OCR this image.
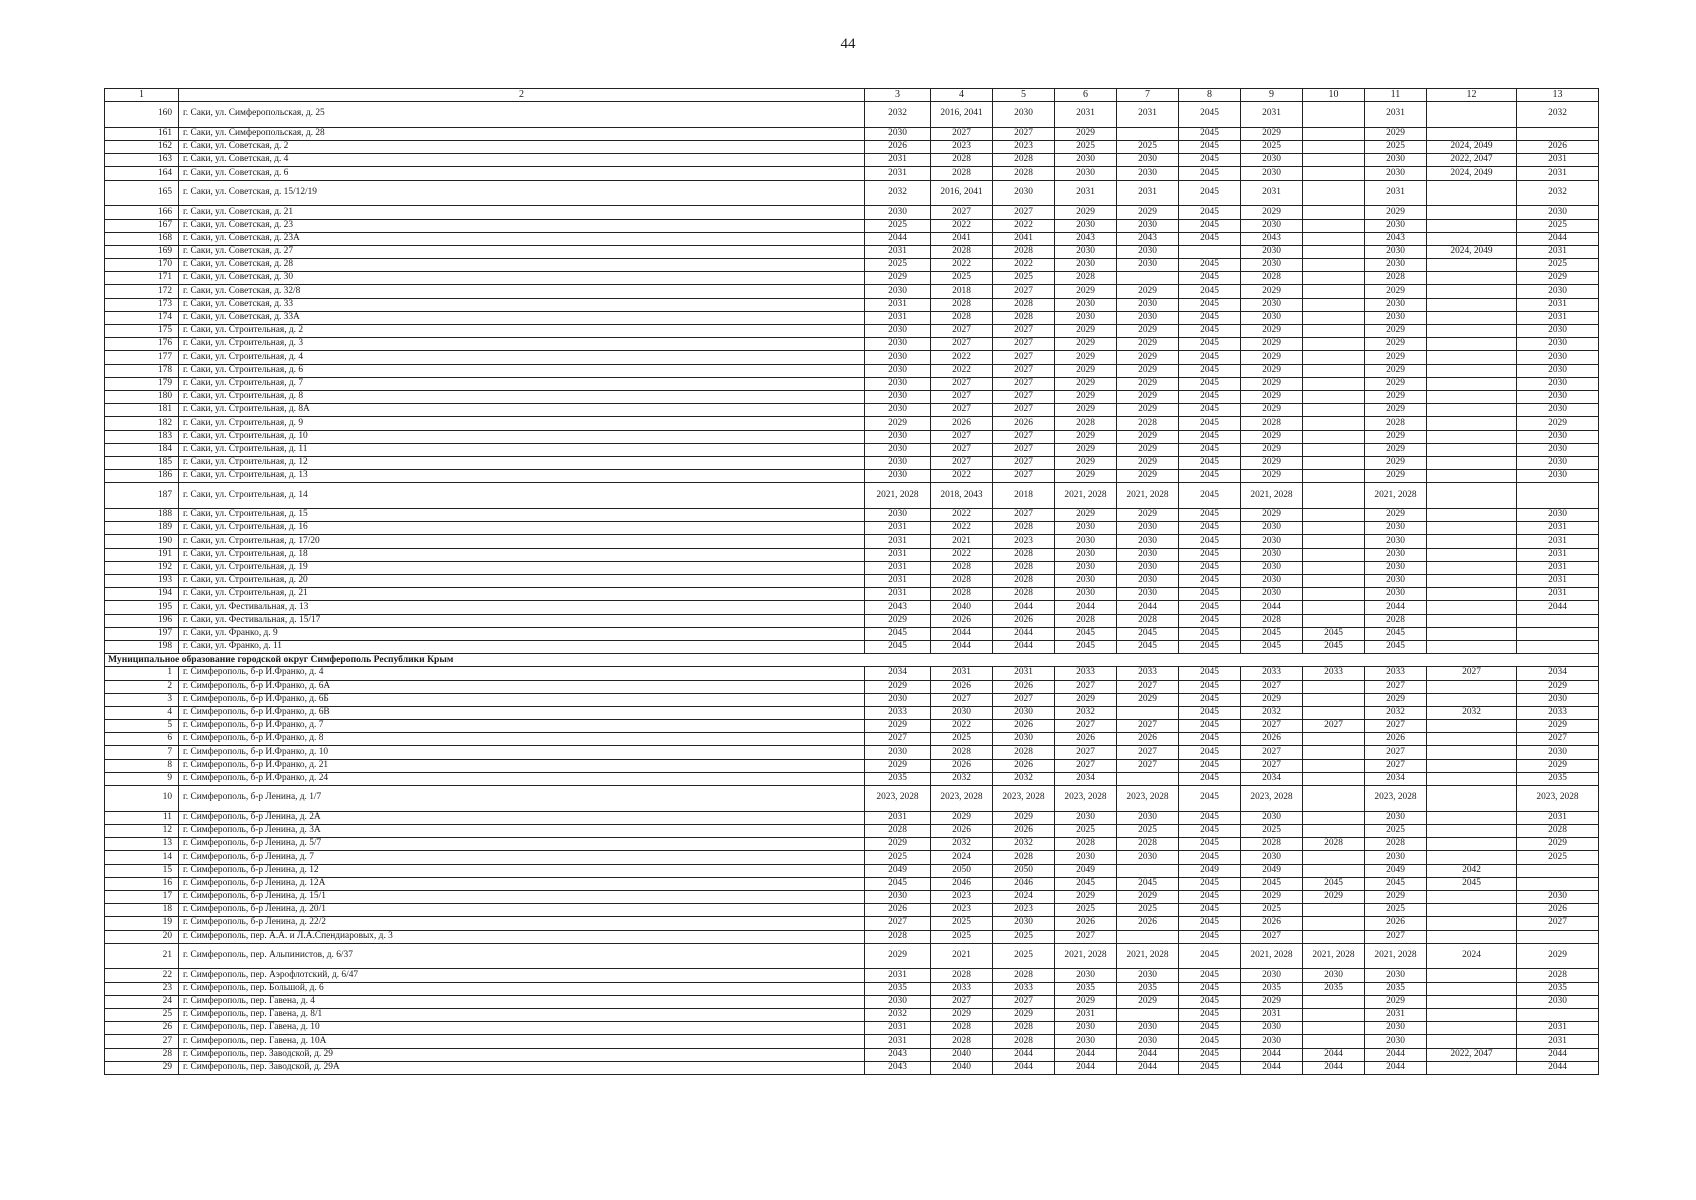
44
1	2	3	4	5	6	7	8	9	10	11	12	13
160	г. Саки, ул. Симферопольская, д. 25	2032	2016, 2041	2030	2031	2031	2045	2031		2031		2032
161	г. Саки, ул. Симферопольская, д. 28	2030	2027	2027	2029		2045	2029		2029		
162	г. Саки, ул. Советская, д. 2	2026	2023	2023	2025	2025	2045	2025		2025	2024, 2049	2026
163	г. Саки, ул. Советская, д. 4	2031	2028	2028	2030	2030	2045	2030		2030	2022, 2047	2031
164	г. Саки, ул. Советская, д. 6	2031	2028	2028	2030	2030	2045	2030		2030	2024, 2049	2031
165	г. Саки, ул. Советская, д. 15/12/19	2032	2016, 2041	2030	2031	2031	2045	2031		2031		2032
166	г. Саки, ул. Советская, д. 21	2030	2027	2027	2029	2029	2045	2029		2029		2030
167	г. Саки, ул. Советская, д. 23	2025	2022	2022	2030	2030	2045	2030		2030		2025
168	г. Саки, ул. Советская, д. 23А	2044	2041	2041	2043	2043	2045	2043		2043		2044
169	г. Саки, ул. Советская, д. 27	2031	2028	2028	2030	2030		2030		2030	2024, 2049	2031
170	г. Саки, ул. Советская, д. 28	2025	2022	2022	2030	2030	2045	2030		2030		2025
171	г. Саки, ул. Советская, д. 30	2029	2025	2025	2028		2045	2028		2028		2029
172	г. Саки, ул. Советская, д. 32/8	2030	2018	2027	2029	2029	2045	2029		2029		2030
173	г. Саки, ул. Советская, д. 33	2031	2028	2028	2030	2030	2045	2030		2030		2031
174	г. Саки, ул. Советская, д. 33А	2031	2028	2028	2030	2030	2045	2030		2030		2031
175	г. Саки, ул. Строительная, д. 2	2030	2027	2027	2029	2029	2045	2029		2029		2030
176	г. Саки, ул. Строительная, д. 3	2030	2027	2027	2029	2029	2045	2029		2029		2030
177	г. Саки, ул. Строительная, д. 4	2030	2022	2027	2029	2029	2045	2029		2029		2030
178	г. Саки, ул. Строительная, д. 6	2030	2022	2027	2029	2029	2045	2029		2029		2030
179	г. Саки, ул. Строительная, д. 7	2030	2027	2027	2029	2029	2045	2029		2029		2030
180	г. Саки, ул. Строительная, д. 8	2030	2027	2027	2029	2029	2045	2029		2029		2030
181	г. Саки, ул. Строительная, д. 8А	2030	2027	2027	2029	2029	2045	2029		2029		2030
182	г. Саки, ул. Строительная, д. 9	2029	2026	2026	2028	2028	2045	2028		2028		2029
183	г. Саки, ул. Строительная, д. 10	2030	2027	2027	2029	2029	2045	2029		2029		2030
184	г. Саки, ул. Строительная, д. 11	2030	2027	2027	2029	2029	2045	2029		2029		2030
185	г. Саки, ул. Строительная, д. 12	2030	2027	2027	2029	2029	2045	2029		2029		2030
186	г. Саки, ул. Строительная, д. 13	2030	2022	2027	2029	2029	2045	2029		2029		2030
187	г. Саки, ул. Строительная, д. 14	2021, 2028	2018, 2043	2018	2021, 2028	2021, 2028	2045	2021, 2028		2021, 2028		
188	г. Саки, ул. Строительная, д. 15	2030	2022	2027	2029	2029	2045	2029		2029		2030
189	г. Саки, ул. Строительная, д. 16	2031	2022	2028	2030	2030	2045	2030		2030		2031
190	г. Саки, ул. Строительная, д. 17/20	2031	2021	2023	2030	2030	2045	2030		2030		2031
191	г. Саки, ул. Строительная, д. 18	2031	2022	2028	2030	2030	2045	2030		2030		2031
192	г. Саки, ул. Строительная, д. 19	2031	2028	2028	2030	2030	2045	2030		2030		2031
193	г. Саки, ул. Строительная, д. 20	2031	2028	2028	2030	2030	2045	2030		2030		2031
194	г. Саки, ул. Строительная, д. 21	2031	2028	2028	2030	2030	2045	2030		2030		2031
195	г. Саки, ул. Фестивальная, д. 13	2043	2040	2044	2044	2044	2045	2044		2044		2044
196	г. Саки, ул. Фестивальная, д. 15/17	2029	2026	2026	2028	2028	2045	2028		2028		
197	г. Саки, ул. Франко, д. 9	2045	2044	2044	2045	2045	2045	2045	2045	2045		
198	г. Саки, ул. Франко, д. 11	2045	2044	2044	2045	2045	2045	2045	2045	2045		
Муниципальное образование городской округ Симферополь Республики Крым												
1	г. Симферополь, б-р И.Франко, д. 4	2034	2031	2031	2033	2033	2045	2033	2033	2033	2027	2034
2	г. Симферополь, б-р И.Франко, д. 6А	2029	2026	2026	2027	2027	2045	2027		2027		2029
3	г. Симферополь, б-р И.Франко, д. 6Б	2030	2027	2027	2029	2029	2045	2029		2029		2030
4	г. Симферополь, б-р И.Франко, д. 6В	2033	2030	2030	2032		2045	2032		2032	2032	2033
5	г. Симферополь, б-р И.Франко, д. 7	2029	2022	2026	2027	2027	2045	2027	2027	2027		2029
6	г. Симферополь, б-р И.Франко, д. 8	2027	2025	2030	2026	2026	2045	2026		2026		2027
7	г. Симферополь, б-р И.Франко, д. 10	2030	2028	2028	2027	2027	2045	2027		2027		2030
8	г. Симферополь, б-р И.Франко, д. 21	2029	2026	2026	2027	2027	2045	2027		2027		2029
9	г. Симферополь, б-р И.Франко, д. 24	2035	2032	2032	2034		2045	2034		2034		2035
10	г. Симферополь, б-р Ленина, д. 1/7	2023, 2028	2023, 2028	2023, 2028	2023, 2028	2023, 2028	2045	2023, 2028		2023, 2028		2023, 2028
11	г. Симферополь, б-р Ленина, д. 2А	2031	2029	2029	2030	2030	2045	2030		2030		2031
12	г. Симферополь, б-р Ленина, д. 3А	2028	2026	2026	2025	2025	2045	2025		2025		2028
13	г. Симферополь, б-р Ленина, д. 5/7	2029	2032	2032	2028	2028	2045	2028	2028	2028		2029
14	г. Симферополь, б-р Ленина, д. 7	2025	2024	2028	2030	2030	2045	2030		2030		2025
15	г. Симферополь, б-р Ленина, д. 12	2049	2050	2050	2049		2049	2049		2049	2042	
16	г. Симферополь, б-р Ленина, д. 12А	2045	2046	2046	2045	2045	2045	2045	2045	2045	2045	
17	г. Симферополь, б-р Ленина, д. 15/1	2030	2023	2024	2029	2029	2045	2029	2029	2029		2030
18	г. Симферополь, б-р Ленина, д. 20/1	2026	2023	2023	2025	2025	2045	2025		2025		2026
19	г. Симферополь, б-р Ленина, д. 22/2	2027	2025	2030	2026	2026	2045	2026		2026		2027
20	г. Симферополь, пер. А.А. и Л.А.Спендиаровых, д. 3	2028	2025	2025	2027		2045	2027		2027		
21	г. Симферополь, пер. Альпинистов, д. 6/37	2029	2021	2025	2021, 2028	2021, 2028	2045	2021, 2028	2021, 2028	2021, 2028	2024	2029
22	г. Симферополь, пер. Аэрофлотский, д. 6/47	2031	2028	2028	2030	2030	2045	2030	2030	2030		2028
23	г. Симферополь, пер. Большой, д. 6	2035	2033	2033	2035	2035	2045	2035	2035	2035		2035
24	г. Симферополь, пер. Гавена, д. 4	2030	2027	2027	2029	2029	2045	2029		2029		2030
25	г. Симферополь, пер. Гавена, д. 8/1	2032	2029	2029	2031		2045	2031		2031		
26	г. Симферополь, пер. Гавена, д. 10	2031	2028	2028	2030	2030	2045	2030		2030		2031
27	г. Симферополь, пер. Гавена, д. 10А	2031	2028	2028	2030	2030	2045	2030		2030		2031
28	г. Симферополь, пер. Заводской, д. 29	2043	2040	2044	2044	2044	2045	2044	2044	2044	2022, 2047	2044
29	г. Симферополь, пер. Заводской, д. 29А	2043	2040	2044	2044	2044	2045	2044	2044	2044		2044
